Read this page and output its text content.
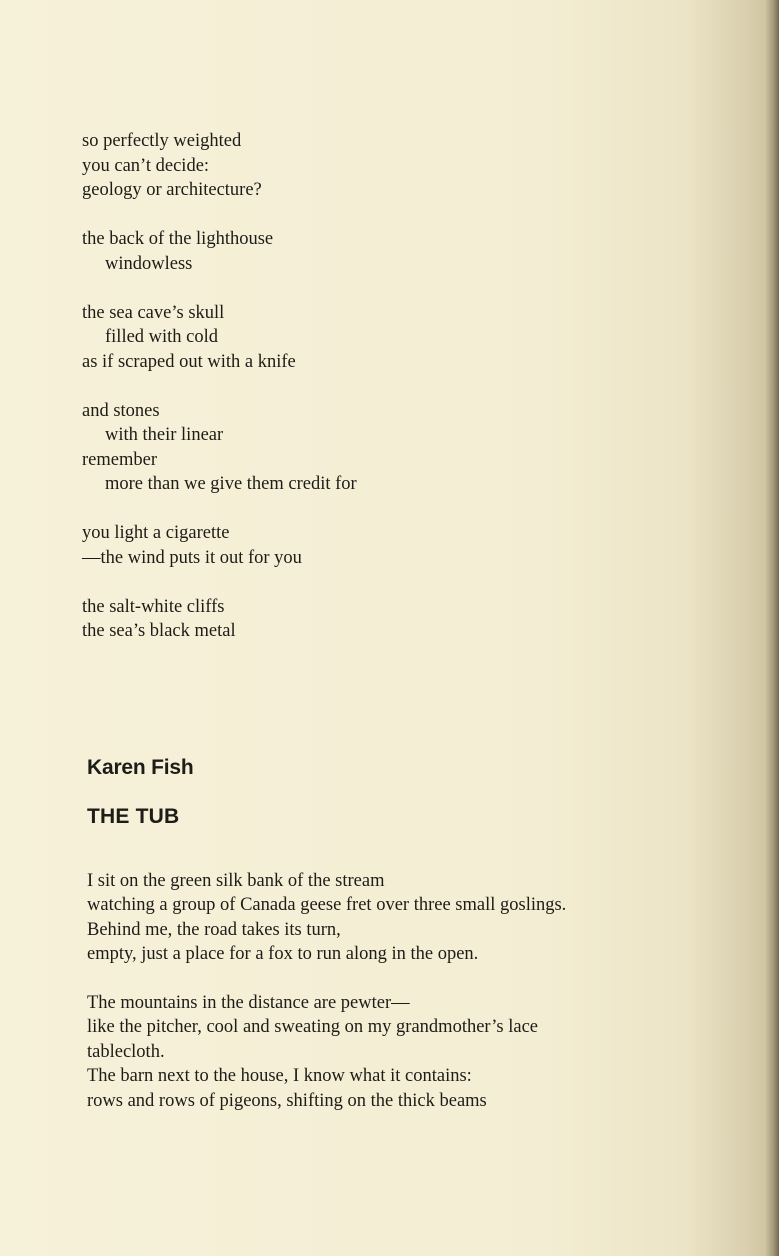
so perfectly weighted
you can’t decide:
geology or architecture?
the back of the lighthouse
windowless
the sea cave’s skull
filled with cold
as if scraped out with a knife
and stones
with their linear
remember
more than we give them credit for
you light a cigarette
—the wind puts it out for you
the salt-white cliffs
the sea’s black metal
Karen Fish
THE TUB
I sit on the green silk bank of the stream
watching a group of Canada geese fret over three small goslings.
Behind me, the road takes its turn,
empty, just a place for a fox to run along in the open.
The mountains in the distance are pewter—
like the pitcher, cool and sweating on my grandmother’s lace
tablecloth.
The barn next to the house, I know what it contains:
rows and rows of pigeons, shifting on the thick beams
